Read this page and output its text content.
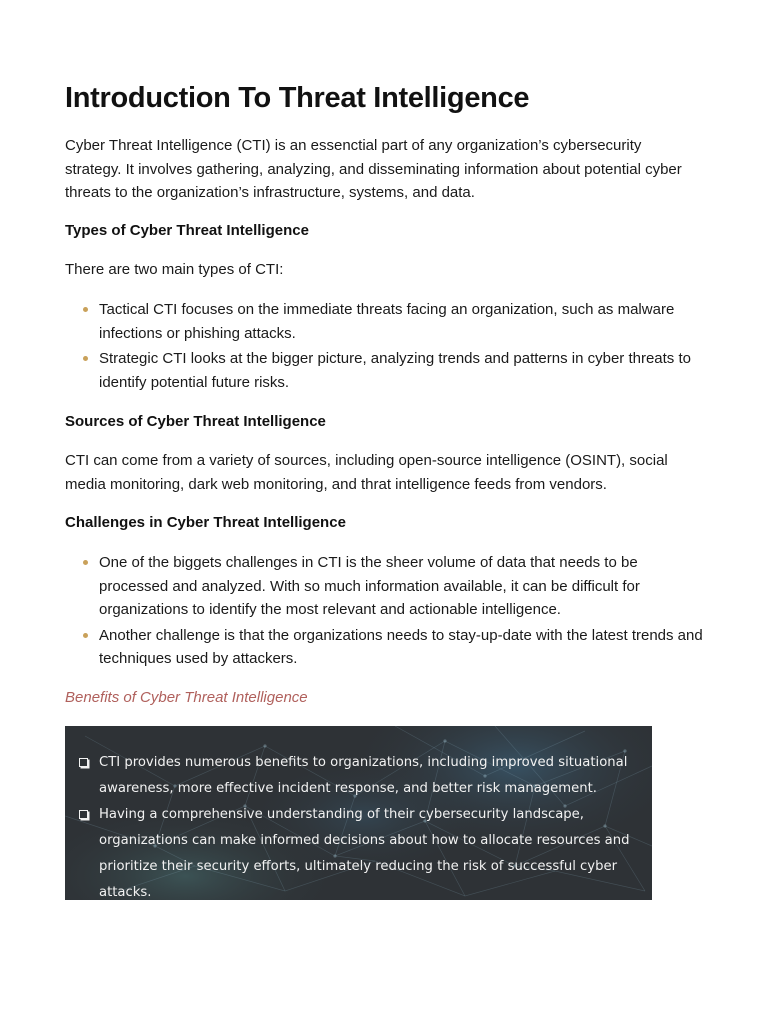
Introduction To Threat Intelligence

Cyber Threat Intelligence (CTI) is an essenctial part of any organization’s cybersecurity strategy. It involves gathering, analyzing, and disseminating information about potential cyber threats to the organization’s infrastructure, systems, and data.

Types of Cyber Threat Intelligence

There are two main types of CTI:

Tactical CTI focuses on the immediate threats facing an organization, such as malware infections or phishing attacks.
Strategic CTI looks at the bigger picture, analyzing trends and patterns in cyber threats to identify potential future risks.

Sources of Cyber Threat Intelligence

CTI can come from a variety of sources, including open-source intelligence (OSINT), social media monitoring, dark web monitoring, and thrat intelligence feeds from vendors.

Challenges in Cyber Threat Intelligence

One of the biggets challenges in CTI is the sheer volume of data that needs to be processed and analyzed. With so much information available, it can be difficult for organizations to identify the most relevant and actionable intelligence.
Another challenge is that the organizations needs to stay-up-date with the latest trends and techniques used by attackers.

Benefits of Cyber Threat Intelligence

CTI provides numerous benefits to organizations, including improved situational awareness, more effective incident response, and better risk management.
Having a comprehensive understanding of their cybersecurity landscape, organizations can make informed decisions about how to allocate resources and prioritize their security efforts, ultimately reducing the risk of successful cyber attacks.
